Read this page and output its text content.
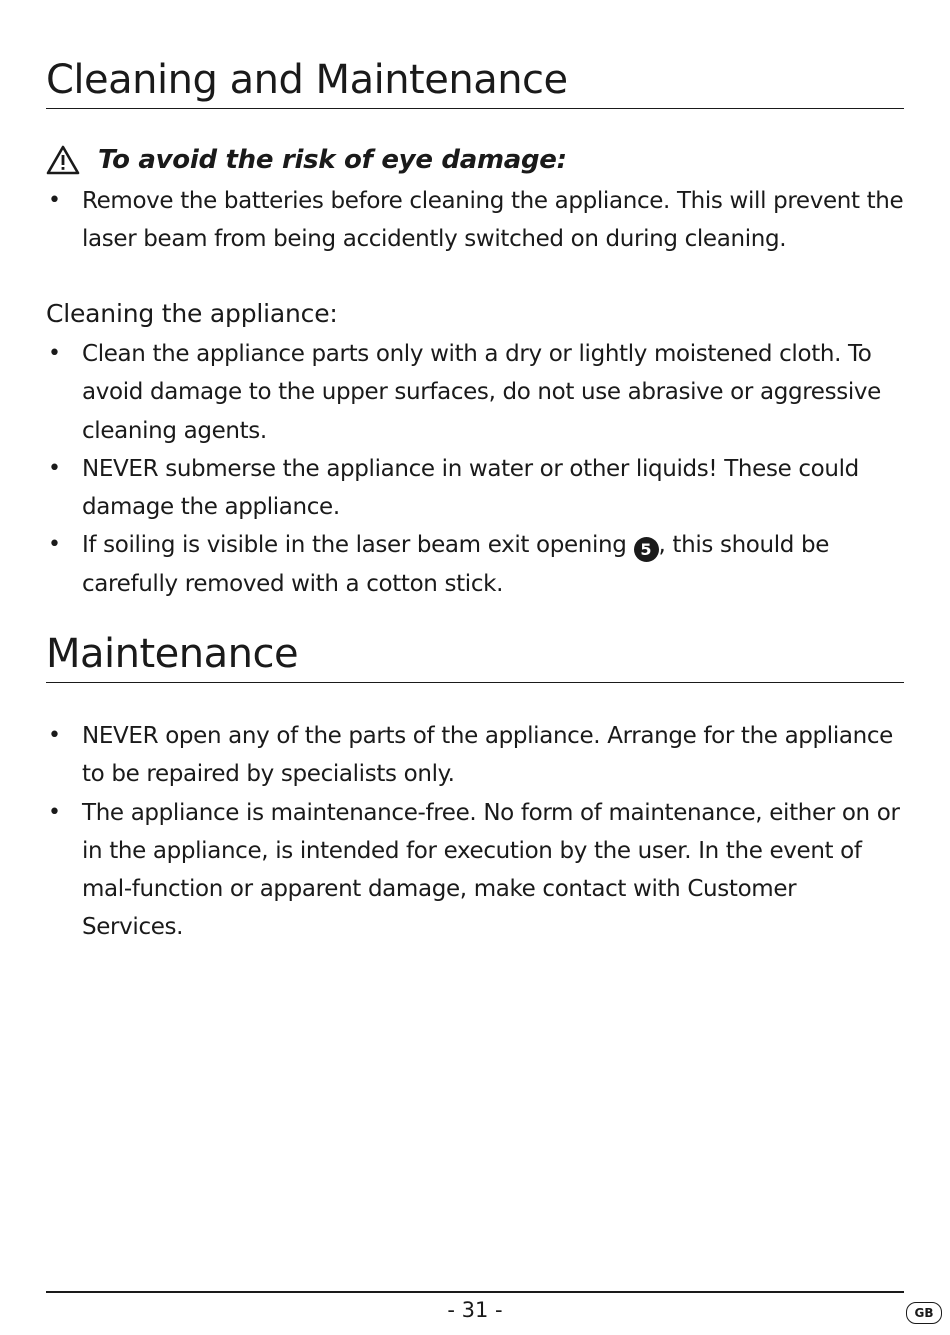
Cleaning and Maintenance
To avoid the risk of eye damage:
• Remove the batteries before cleaning the appliance. This will prevent the laser beam from being accidently switched on during cleaning.
Cleaning the appliance:
• Clean the appliance parts only with a dry or lightly moistened cloth. To avoid damage to the upper surfaces, do not use abrasive or aggressive cleaning agents.
• NEVER submerse the appliance in water or other liquids! These could damage the appliance.
• If soiling is visible in the laser beam exit opening 5 , this should be carefully removed with a cotton stick.
Maintenance
• NEVER open any of the parts of the appliance. Arrange for the appliance to be repaired by specialists only.
• The appliance is maintenance-free. No form of maintenance, either on or in the appliance, is intended for execution by the user. In the event of mal-function or apparent damage, make contact with Customer Services.
- 31 -	GB
